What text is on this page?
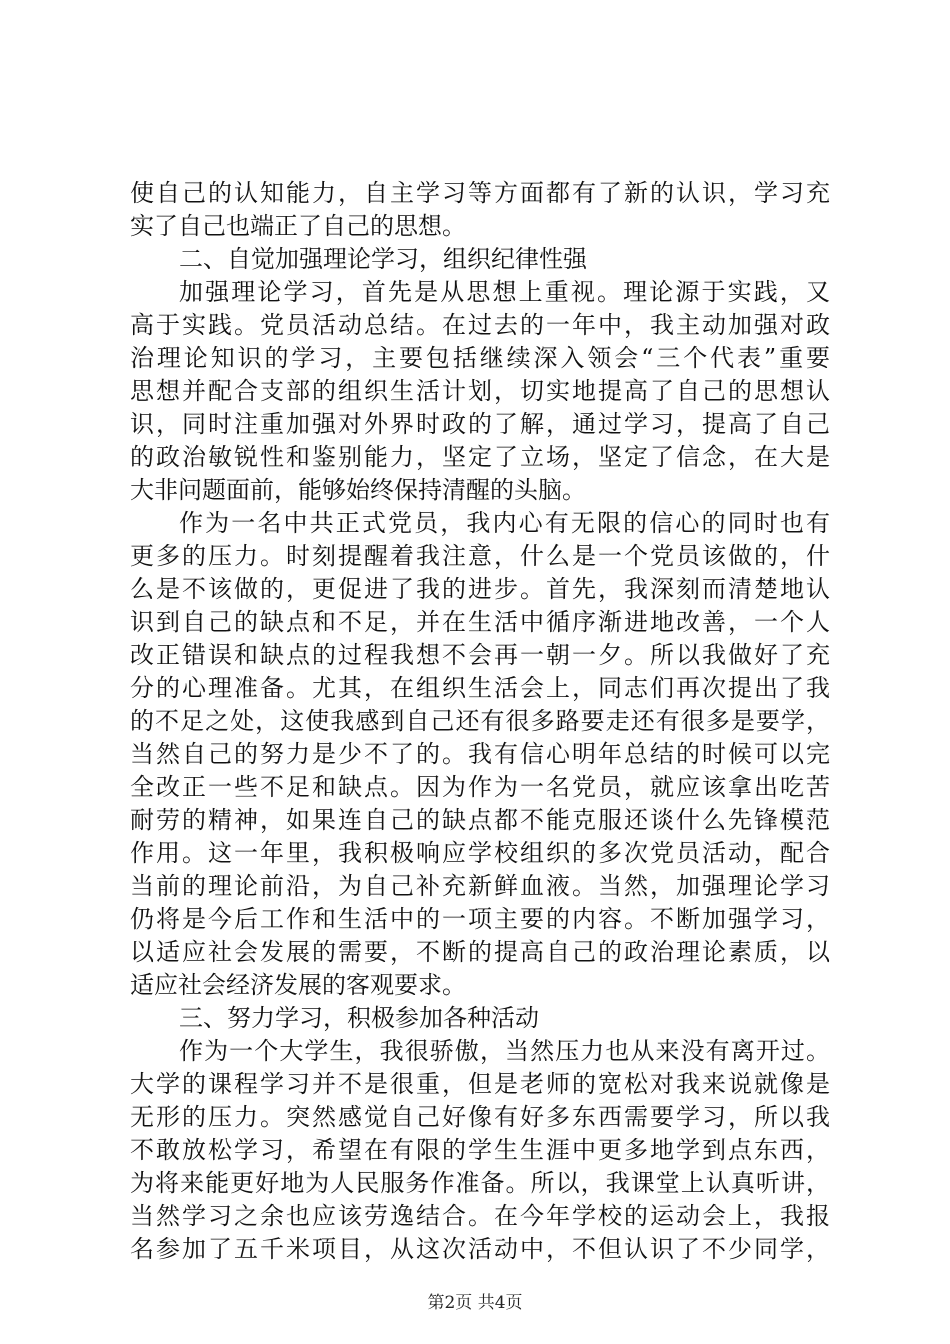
使自己的认知能力，自主学习等方面都有了新的认识，学习充
实了自己也端正了自己的思想。
二、自觉加强理论学习，组织纪律性强
加强理论学习，首先是从思想上重视。理论源于实践，又
高于实践。党员活动总结。在过去的一年中，我主动加强对政
治理论知识的学习，主要包括继续深入领会“三个代表”重要
思想并配合支部的组织生活计划，切实地提高了自己的思想认
识，同时注重加强对外界时政的了解，通过学习，提高了自己
的政治敏锐性和鉴别能力，坚定了立场，坚定了信念，在大是
大非问题面前，能够始终保持清醒的头脑。
作为一名中共正式党员，我内心有无限的信心的同时也有
更多的压力。时刻提醒着我注意，什么是一个党员该做的，什
么是不该做的，更促进了我的进步。首先，我深刻而清楚地认
识到自己的缺点和不足，并在生活中循序渐进地改善，一个人
改正错误和缺点的过程我想不会再一朝一夕。所以我做好了充
分的心理准备。尤其，在组织生活会上，同志们再次提出了我
的不足之处，这使我感到自己还有很多路要走还有很多是要学，
当然自己的努力是少不了的。我有信心明年总结的时候可以完
全改正一些不足和缺点。因为作为一名党员，就应该拿出吃苦
耐劳的精神，如果连自己的缺点都不能克服还谈什么先锋模范
作用。这一年里，我积极响应学校组织的多次党员活动，配合
当前的理论前沿，为自己补充新鲜血液。当然，加强理论学习
仍将是今后工作和生活中的一项主要的内容。不断加强学习，
以适应社会发展的需要，不断的提高自己的政治理论素质，以
适应社会经济发展的客观要求。
三、努力学习，积极参加各种活动
作为一个大学生，我很骄傲，当然压力也从来没有离开过。
大学的课程学习并不是很重，但是老师的宽松对我来说就像是
无形的压力。突然感觉自己好像有好多东西需要学习，所以我
不敢放松学习，希望在有限的学生生涯中更多地学到点东西，
为将来能更好地为人民服务作准备。所以，我课堂上认真听讲，
当然学习之余也应该劳逸结合。在今年学校的运动会上，我报
名参加了五千米项目，从这次活动中，不但认识了不少同学，
第2页 共4页
